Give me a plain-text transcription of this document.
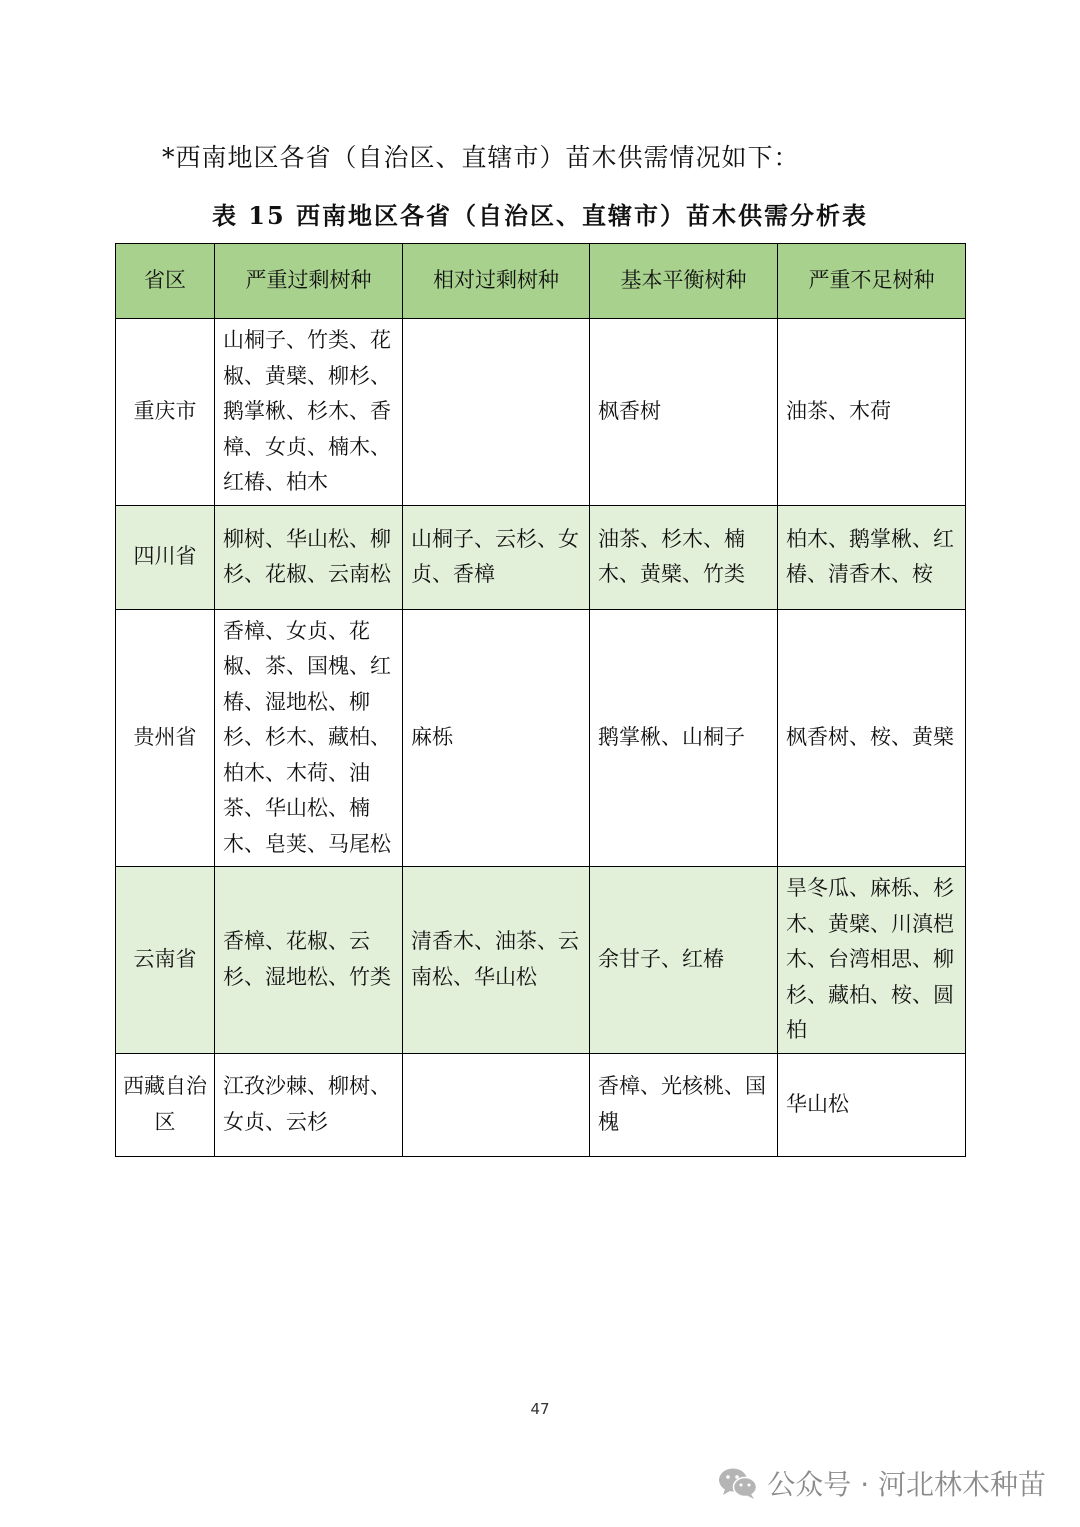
*西南地区各省（自治区、直辖市）苗木供需情况如下：
表 15 西南地区各省（自治区、直辖市）苗木供需分析表
省区	严重过剩树种	相对过剩树种	基本平衡树种	严重不足树种
重庆市	山桐子、竹类、花椒、黄檗、柳杉、鹅掌楸、杉木、香樟、女贞、楠木、红椿、柏木		枫香树	油茶、木荷
四川省	柳树、华山松、柳杉、花椒、云南松	山桐子、云杉、女贞、香樟	油茶、杉木、楠木、黄檗、竹类	柏木、鹅掌楸、红椿、清香木、桉
贵州省	香樟、女贞、花椒、茶、国槐、红椿、湿地松、柳杉、杉木、藏柏、柏木、木荷、油茶、华山松、楠木、皂荚、马尾松	麻栎	鹅掌楸、山桐子	枫香树、桉、黄檗
云南省	香樟、花椒、云杉、湿地松、竹类	清香木、油茶、云南松、华山松	余甘子、红椿	旱冬瓜、麻栎、杉木、黄檗、川滇桤木、台湾相思、柳杉、藏柏、桉、圆柏
西藏自治区	江孜沙棘、柳树、女贞、云杉		香樟、光核桃、国槐	华山松
47
公众号 · 河北林木种苗
